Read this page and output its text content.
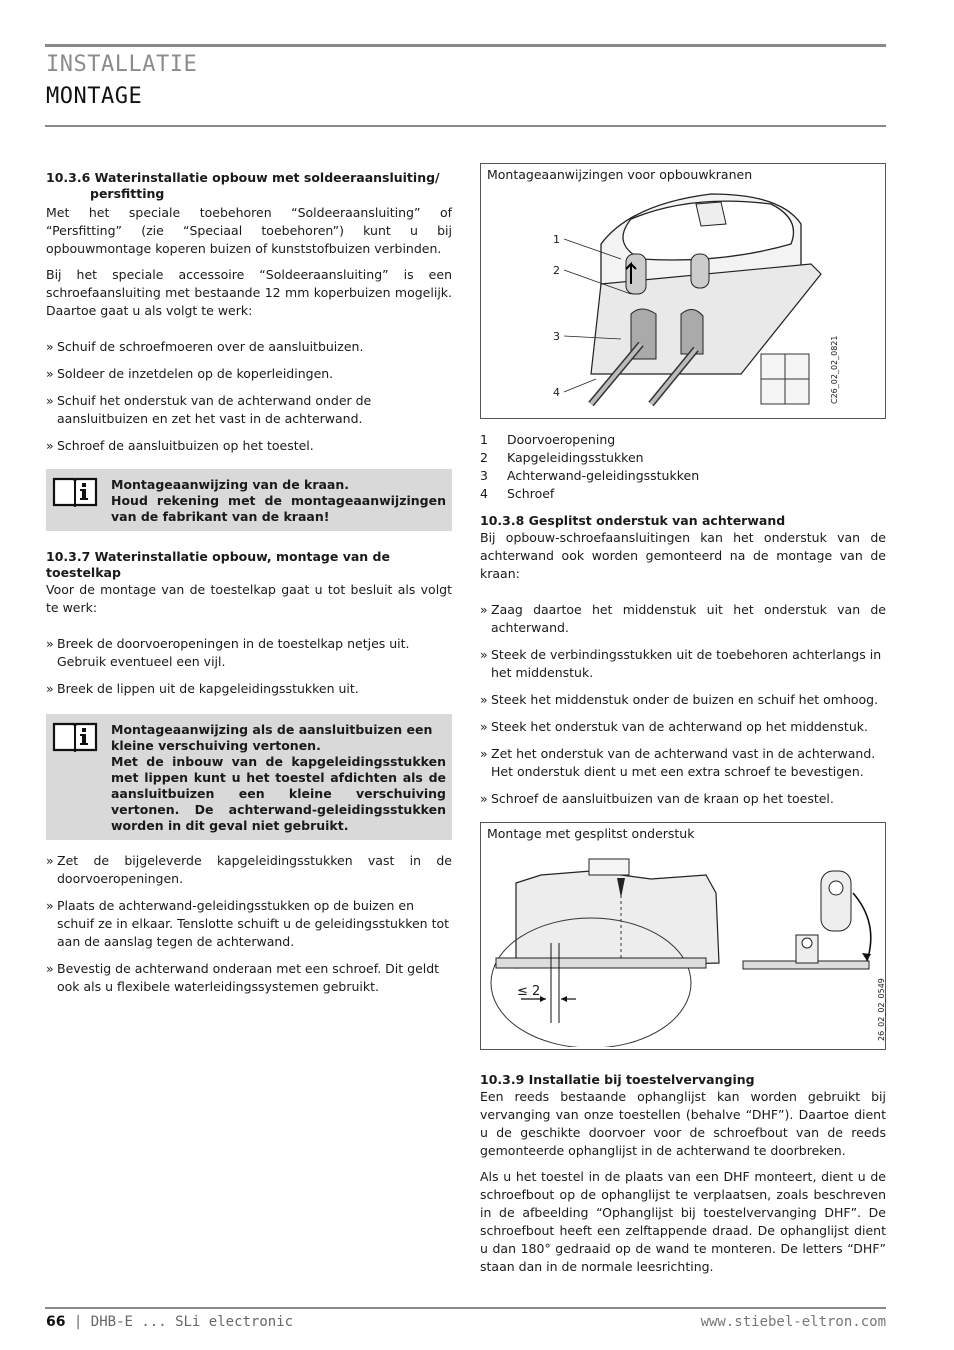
INSTALLATIE
MONTAGE
10.3.6 Waterinstallatie opbouw met soldeeraansluiting/
persfitting

Met het speciale toebehoren “Soldeeraansluiting” of “Persfitting” (zie “Speciaal toebehoren”) kunt u bij opbouwmontage koperen buizen of kunststofbuizen verbinden.

Bij het speciale accessoire “Soldeeraansluiting” is een schroefaansluiting met bestaande 12 mm koperbuizen mogelijk. Daartoe gaat u als volgt te werk:

» Schuif de schroefmoeren over de aansluitbuizen.

» Soldeer de inzetdelen op de koperleidingen.

» Schuif het onderstuk van de achterwand onder de aansluitbuizen en zet het vast in de achterwand.

» Schroef de aansluitbuizen op het toestel.

Montageaanwijzing van de kraan.
Houd rekening met de montageaanwijzingen van de fabrikant van de kraan!
10.3.7 Waterinstallatie opbouw, montage van de toestelkap

Voor de montage van de toestelkap gaat u tot besluit als volgt te werk:

» Breek de doorvoeropeningen in de toestelkap netjes uit. Gebruik eventueel een vijl.

» Breek de lippen uit de kapgeleidingsstukken uit.

Montageaanwijzing als de aansluitbuizen een kleine verschuiving vertonen.
Met de inbouw van de kapgeleidingsstukken met lippen kunt u het toestel afdichten als de aansluitbuizen een kleine verschuiving vertonen. De achterwand-geleidingsstukken worden in dit geval niet gebruikt.

» Zet de bijgeleverde kapgeleidingsstukken vast in de doorvoeropeningen.

» Plaats de achterwand-geleidingsstukken op de buizen en schuif ze in elkaar. Tenslotte schuift u de geleidingsstukken tot aan de aanslag tegen de achterwand.

» Bevestig de achterwand onderaan met een schroef. Dit geldt ook als u flexibele waterleidingssystemen gebruikt.

Montageaanwijzingen voor opbouwkranen
1
2
3
4	C26_02_02_0821
1	Doorvoeropening
2	Kapgeleidingsstukken
3	Achterwand-geleidingsstukken
4	Schroef
10.3.8 Gesplitst onderstuk van achterwand

Bij opbouw-schroefaansluitingen kan het onderstuk van de achterwand ook worden gemonteerd na de montage van de kraan:

» Zaag daartoe het middenstuk uit het onderstuk van de achterwand.

» Steek de verbindingsstukken uit de toebehoren achterlangs in het middenstuk.

» Steek het middenstuk onder de buizen en schuif het omhoog.

» Steek het onderstuk van de achterwand op het middenstuk.

» Zet het onderstuk van de achterwand vast in de achterwand. Het onderstuk dient u met een extra schroef te bevestigen.

» Schroef de aansluitbuizen van de kraan op het toestel.

Montage met gesplitst onderstuk
≤ 2	26_02_02_0549
10.3.9 Installatie bij toestelvervanging

Een reeds bestaande ophanglijst kan worden gebruikt bij vervanging van onze toestellen (behalve “DHF”). Daartoe dient u de geschikte doorvoer voor de schroefbout van de reeds gemonteerde ophanglijst in de achterwand te doorbreken.

Als u het toestel in de plaats van een DHF monteert, dient u de schroefbout op de ophanglijst te verplaatsen, zoals beschreven in de afbeelding “Ophanglijst bij toestelvervanging DHF”. De schroefbout heeft een zelftappende draad. De ophanglijst dient u dan 180° gedraaid op de wand te monteren. De letters “DHF” staan dan in de normale leesrichting.

66 | DHB-E ... SLi electronic	www.stiebel-eltron.com
